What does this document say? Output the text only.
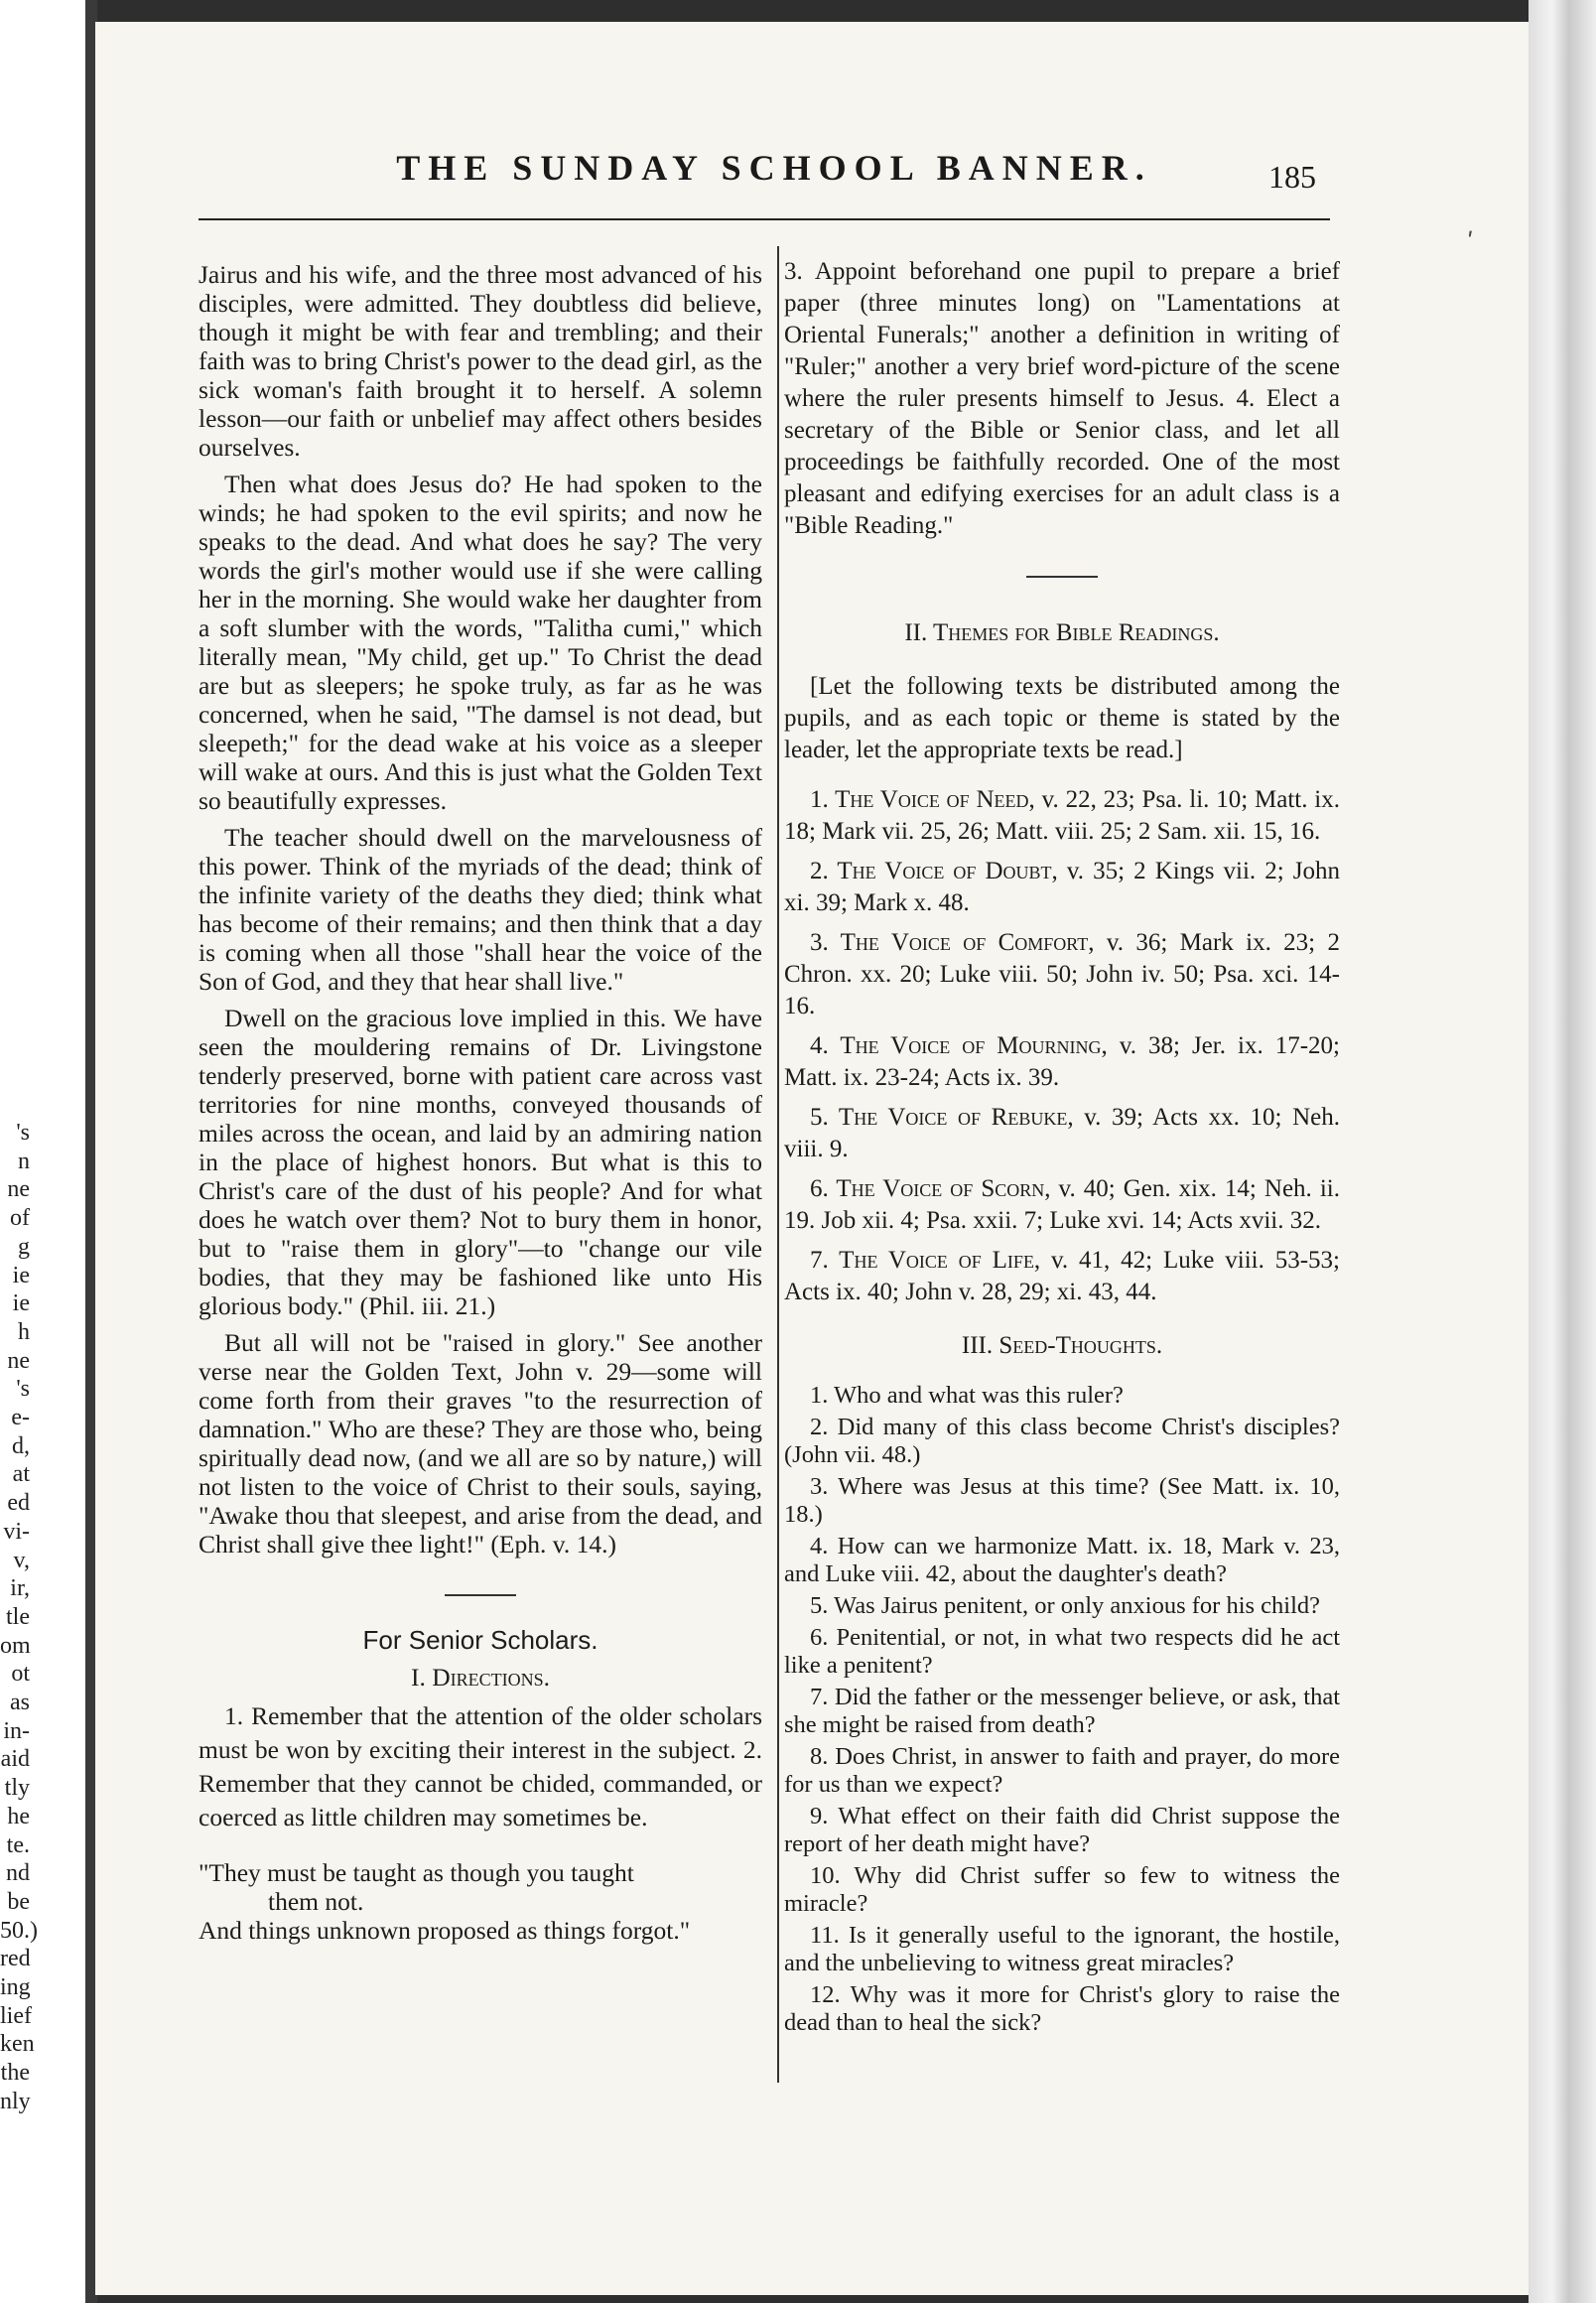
's
n
ne
of
g
ie
ie
h
ne
's
e-
d,
at
ed
vi-
v,
ir,
tle
om
ot
as
in-
aid
tly
he
te.
nd
be
50.)
red
ing
lief
ken
the
nly
THE SUNDAY SCHOOL BANNER.	185
ʹ

Jairus and his wife, and the three most advanced of his disciples, were admitted. They doubtless did believe, though it might be with fear and trembling; and their faith was to bring Christ's power to the dead girl, as the sick woman's faith brought it to herself. A solemn lesson—our faith or unbelief may affect others besides ourselves.

Then what does Jesus do? He had spoken to the winds; he had spoken to the evil spirits; and now he speaks to the dead. And what does he say? The very words the girl's mother would use if she were calling her in the morning. She would wake her daughter from a soft slumber with the words, "Talitha cumi," which literally mean, "My child, get up." To Christ the dead are but as sleepers; he spoke truly, as far as he was concerned, when he said, "The damsel is not dead, but sleepeth;" for the dead wake at his voice as a sleeper will wake at ours. And this is just what the Golden Text so beautifully expresses.

The teacher should dwell on the marvelousness of this power. Think of the myriads of the dead; think of the infinite variety of the deaths they died; think what has become of their remains; and then think that a day is coming when all those "shall hear the voice of the Son of God, and they that hear shall live."

Dwell on the gracious love implied in this. We have seen the mouldering remains of Dr. Livingstone tenderly preserved, borne with patient care across vast territories for nine months, conveyed thousands of miles across the ocean, and laid by an admiring nation in the place of highest honors. But what is this to Christ's care of the dust of his people? And for what does he watch over them? Not to bury them in honor, but to "raise them in glory"—to "change our vile bodies, that they may be fashioned like unto His glorious body." (Phil. iii. 21.)

But all will not be "raised in glory." See another verse near the Golden Text, John v. 29—some will come forth from their graves "to the resurrection of damnation." Who are these? They are those who, being spiritually dead now, (and we all are so by nature,) will not listen to the voice of Christ to their souls, saying, "Awake thou that sleepest, and arise from the dead, and Christ shall give thee light!" (Eph. v. 14.)

For Senior Scholars.

I. Directions.

1. Remember that the attention of the older scholars must be won by exciting their interest in the subject. 2. Remember that they cannot be chided, commanded, or coerced as little children may sometimes be.

"They must be taught as though you taught
them not.
And things unknown proposed as things forgot."

3. Appoint beforehand one pupil to prepare a brief paper (three minutes long) on "Lamentations at Oriental Funerals;" another a definition in writing of "Ruler;" another a very brief word-picture of the scene where the ruler presents himself to Jesus. 4. Elect a secretary of the Bible or Senior class, and let all proceedings be faithfully recorded. One of the most pleasant and edifying exercises for an adult class is a "Bible Reading."

II. Themes for Bible Readings.

[Let the following texts be distributed among the pupils, and as each topic or theme is stated by the leader, let the appropriate texts be read.]

1. The Voice of Need, v. 22, 23; Psa. li. 10; Matt. ix. 18; Mark vii. 25, 26; Matt. viii. 25; 2 Sam. xii. 15, 16.

2. The Voice of Doubt, v. 35; 2 Kings vii. 2; John xi. 39; Mark x. 48.

3. The Voice of Comfort, v. 36; Mark ix. 23; 2 Chron. xx. 20; Luke viii. 50; John iv. 50; Psa. xci. 14-16.

4. The Voice of Mourning, v. 38; Jer. ix. 17-20; Matt. ix. 23-24; Acts ix. 39.

5. The Voice of Rebuke, v. 39; Acts xx. 10; Neh. viii. 9.

6. The Voice of Scorn, v. 40; Gen. xix. 14; Neh. ii. 19. Job xii. 4; Psa. xxii. 7; Luke xvi. 14; Acts xvii. 32.

7. The Voice of Life, v. 41, 42; Luke viii. 53-53; Acts ix. 40; John v. 28, 29; xi. 43, 44.

III. Seed-Thoughts.

1. Who and what was this ruler?

2. Did many of this class become Christ's disciples? (John vii. 48.)

3. Where was Jesus at this time? (See Matt. ix. 10, 18.)

4. How can we harmonize Matt. ix. 18, Mark v. 23, and Luke viii. 42, about the daughter's death?

5. Was Jairus penitent, or only anxious for his child?

6. Penitential, or not, in what two respects did he act like a penitent?

7. Did the father or the messenger believe, or ask, that she might be raised from death?

8. Does Christ, in answer to faith and prayer, do more for us than we expect?

9. What effect on their faith did Christ suppose the report of her death might have?

10. Why did Christ suffer so few to witness the miracle?

11. Is it generally useful to the ignorant, the hostile, and the unbelieving to witness great miracles?

12. Why was it more for Christ's glory to raise the dead than to heal the sick?
